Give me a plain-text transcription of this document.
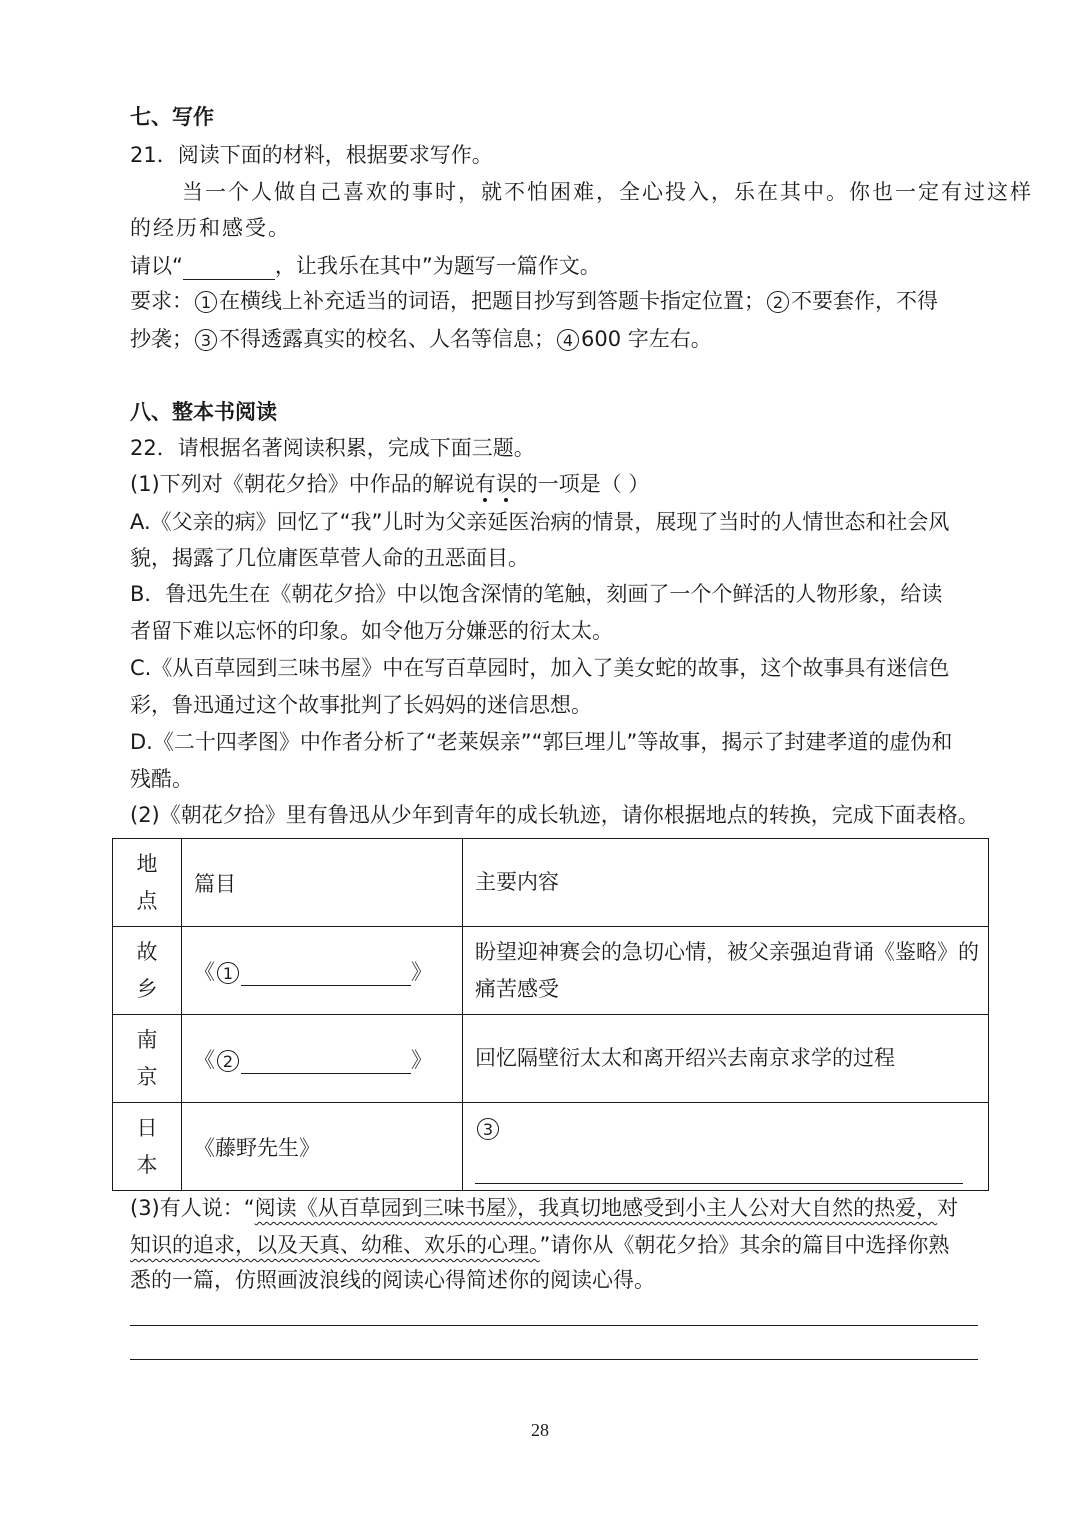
七、写作
21．阅读下面的材料，根据要求写作。
当一个人做自己喜欢的事时，就不怕困难，全心投入，乐在其中。你也一定有过这样
的经历和感受。
请以“	，让我乐在其中”为题写一篇作文。
要求： 1 在横线上补充适当的词语，把题目抄写到答题卡指定位置； 2 不要套作，不得
抄袭； 3 不得透露真实的校名、人名等信息； 4 600 字左右。
八、整本书阅读
22．请根据名著阅读积累，完成下面三题。
(1)下列对《朝花夕拾》中作品的解说有误的一项是（ ）
A.《父亲的病》回忆了“我”儿时为父亲延医治病的情景，展现了当时的人情世态和社会风
貌，揭露了几位庸医草菅人命的丑恶面目。
B．鲁迅先生在《朝花夕拾》中以饱含深情的笔触，刻画了一个个鲜活的人物形象，给读
者留下难以忘怀的印象。如令他万分嫌恶的衍太太。
C.《从百草园到三味书屋》中在写百草园时，加入了美女蛇的故事，这个故事具有迷信色
彩，鲁迅通过这个故事批判了长妈妈的迷信思想。
D.《二十四孝图》中作者分析了“老莱娱亲”“郭巨埋儿”等故事，揭示了封建孝道的虚伪和
残酷。
(2)《朝花夕拾》里有鲁迅从少年到青年的成长轨迹，请你根据地点的转换，完成下面表格。
地
点	篇目	主要内容
故
乡	《 1 》	盼望迎神赛会的急切心情，被父亲强迫背诵《鉴略》的
痛苦感受
南
京	《 2 》	回忆隔壁衍太太和离开绍兴去南京求学的过程
日
本	《藤野先生》	3
(3)有人说：“阅读《从百草园到三味书屋》，我真切地感受到小主人公对大自然的热爱，对
知识的追求，以及天真、幼稚、欢乐的心理。”请你从《朝花夕拾》其余的篇目中选择你熟
悉的一篇，仿照画波浪线的阅读心得简述你的阅读心得。
28
